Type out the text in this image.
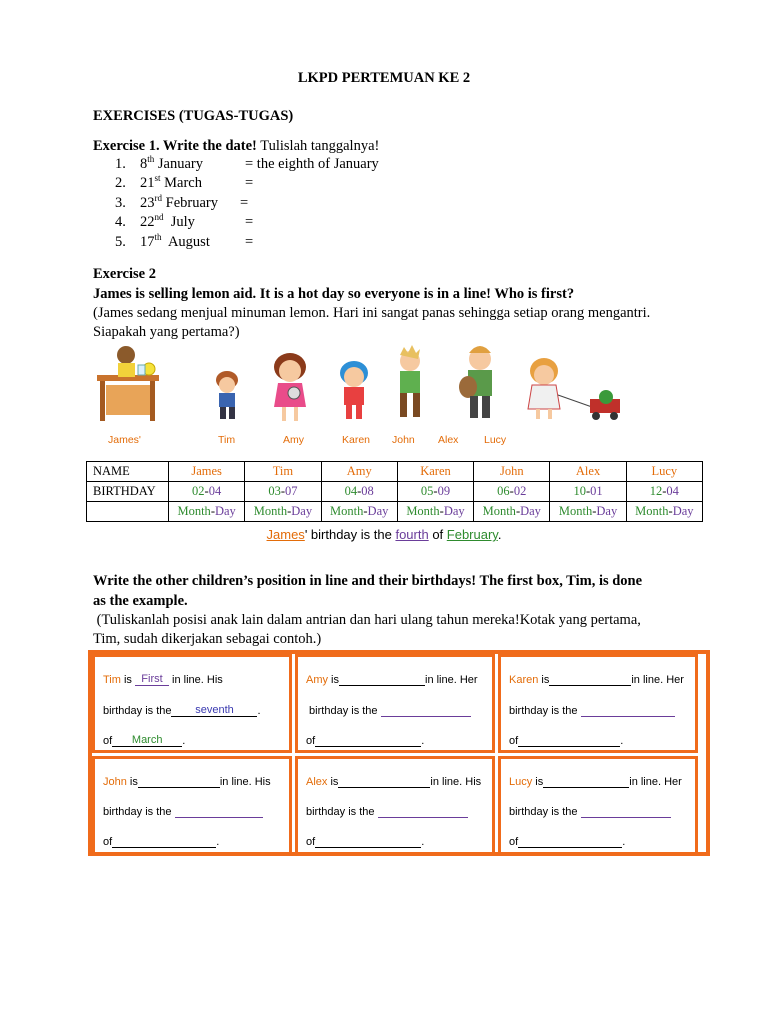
LKPD PERTEMUAN KE 2
EXERCISES (TUGAS-TUGAS)
Exercise 1. Write the date! Tulislah tanggalnya!
1. 8th January	= the eighth of January
2. 21st March	=
3. 23rd February =
4. 22nd  July	=
5. 17th  August =
Exercise 2
James is selling lemon aid. It is a hot day so everyone is in a line! Who is first?
(James sedang menjual minuman lemon. Hari ini sangat panas sehingga setiap orang mengantri.
Siapakah yang pertama?)
James'	Tim	Amy	Karen John Alex Lucy
NAME	James	Tim	Amy	Karen	John	Alex	Lucy
BIRTHDAY	02-04	03-07	04-08	05-09	06-02	10-01	12-04
	Month-Day	Month-Day	Month-Day	Month-Day	Month-Day	Month-Day	Month-Day
James' birthday is the fourth of February.
Write the other children’s position in line and their birthdays! The first box, Tim, is done
as the example.
(Tuliskanlah posisi anak lain dalam antrian dan hari ulang tahun mereka!Kotak yang pertama,
Tim, sudah dikerjakan sebagai contoh.)
Tim is First in line. His
birthday is the seventh .
of March .
Amy is	in line. Her
birthday is the
of	.
Karen is	in line. Her
birthday is the
of	.
John is	in line. His
birthday is the
of	.
Alex is	in line. His
birthday is the
of	.
Lucy is	in line. Her
birthday is the
of	.
